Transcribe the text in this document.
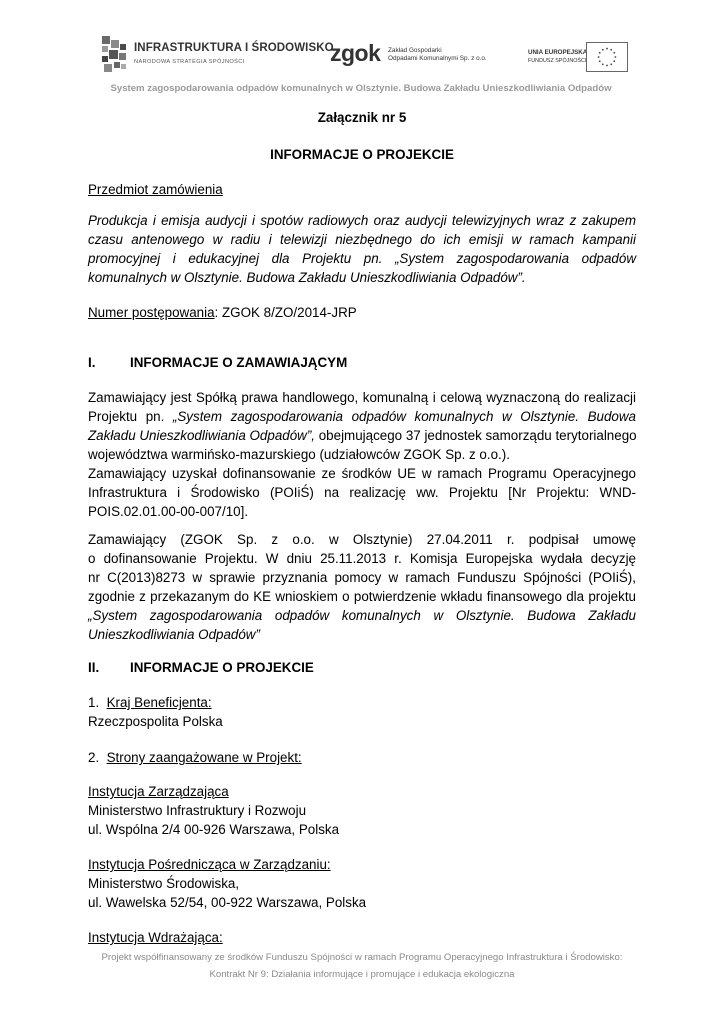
INFRASTRUKTURA I ŚRODOWISKO
NARODOWA STRATEGIA SPÓJNOŚCI	zgok Zakład Gospodarki
Odpadami Komunalnymi Sp. z o.o.
UNIA EUROPEJSKA
FUNDUSZ SPÓJNOŚCI
System zagospodarowania odpadów komunalnych w Olsztynie. Budowa Zakładu Unieszkodliwiania Odpadów
Załącznik nr 5
INFORMACJE O PROJEKCIE
Przedmiot zamówienia
Produkcja i emisja audycji i spotów radiowych oraz audycji telewizyjnych wraz z zakupem
czasu antenowego w radiu i telewizji niezbędnego do ich emisji w ramach kampanii
promocyjnej i edukacyjnej dla Projektu pn. „System zagospodarowania odpadów
komunalnych w Olsztynie. Budowa Zakładu Unieszkodliwiania Odpadów”.
Numer postępowania: ZGOK 8/ZO/2014-JRP
I.	INFORMACJE O ZAMAWIAJĄCYM
Zamawiający jest Spółką prawa handlowego, komunalną i celową wyznaczoną do realizacji
Projektu pn. „System zagospodarowania odpadów komunalnych w Olsztynie. Budowa
Zakładu Unieszkodliwiania Odpadów”, obejmującego 37 jednostek samorządu terytorialnego
województwa warmińsko-mazurskiego (udziałowców ZGOK Sp. z o.o.).
Zamawiający uzyskał dofinansowanie ze środków UE w ramach Programu Operacyjnego
Infrastruktura i Środowisko (POIiŚ) na realizację ww. Projektu [Nr Projektu: WND-
POIS.02.01.00-00-007/10].
Zamawiający (ZGOK Sp. z o.o. w Olsztynie) 27.04.2011 r. podpisał umowę
o dofinansowanie Projektu. W dniu 25.11.2013 r. Komisja Europejska wydała decyzję
nr C(2013)8273 w sprawie przyznania pomocy w ramach Funduszu Spójności (POIiŚ),
zgodnie z przekazanym do KE wnioskiem o potwierdzenie wkładu finansowego dla projektu
„System zagospodarowania odpadów komunalnych w Olsztynie. Budowa Zakładu
Unieszkodliwiania Odpadów”
II. INFORMACJE O PROJEKCIE
1. Kraj Beneficjenta:
Rzeczpospolita Polska
2. Strony zaangażowane w Projekt:
Instytucja Zarządzająca
Ministerstwo Infrastruktury i Rozwoju
ul. Wspólna 2/4 00-926 Warszawa, Polska
Instytucja Pośrednicząca w Zarządzaniu:
Ministerstwo Środowiska,
ul. Wawelska 52/54, 00-922 Warszawa, Polska
Instytucja Wdrażająca:
Projekt współfinansowany ze środków Funduszu Spójności w ramach Programu Operacyjnego Infrastruktura i Środowisko:
Kontrakt Nr 9: Działania informujące i promujące i edukacja ekologiczna
